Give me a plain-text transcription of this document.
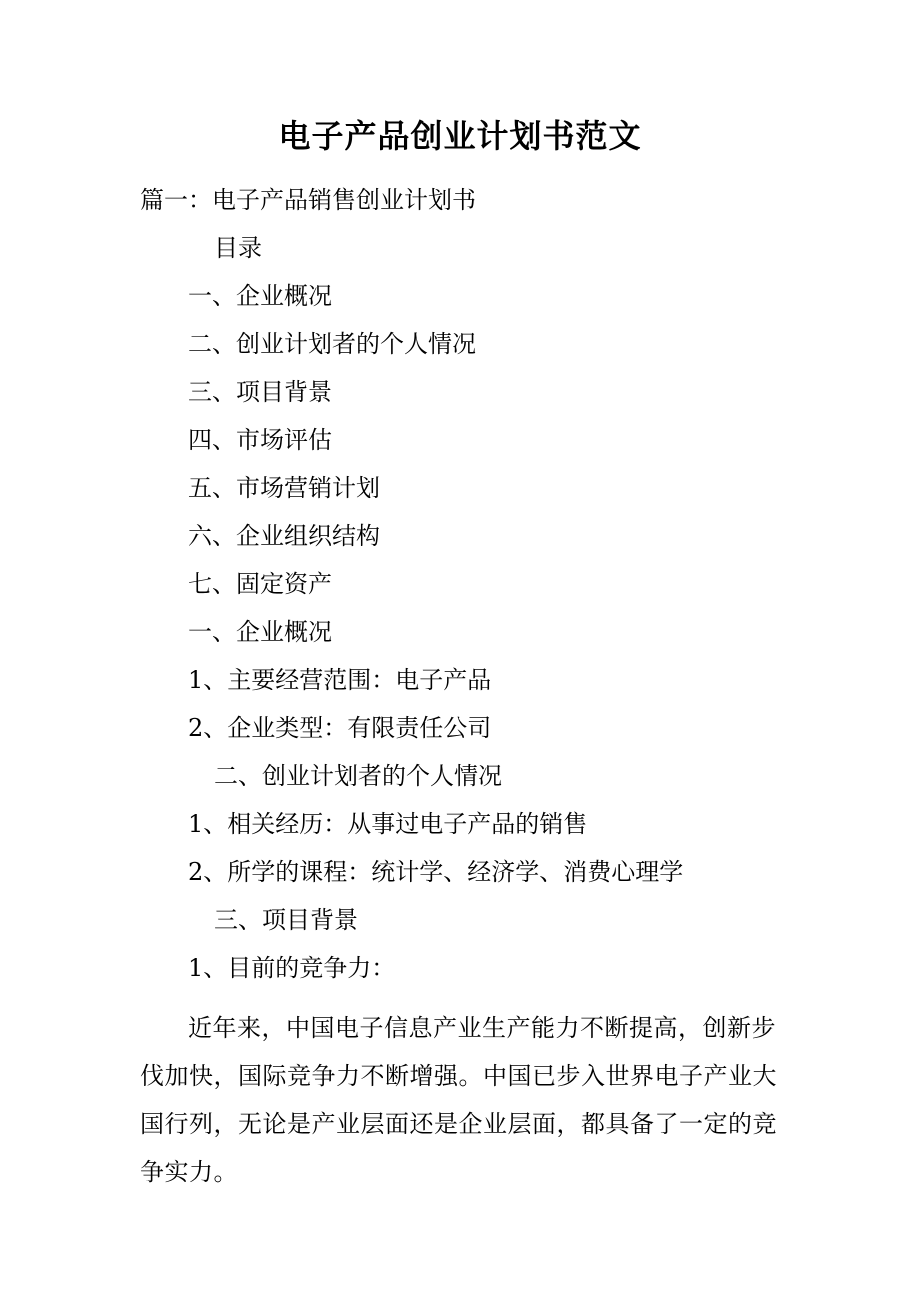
电子产品创业计划书范文
篇一：电子产品销售创业计划书
目录
一、企业概况
二、创业计划者的个人情况
三、项目背景
四、市场评估
五、市场营销计划
六、企业组织结构
七、固定资产
一、企业概况
1、主要经营范围：电子产品
2、企业类型：有限责任公司
二、创业计划者的个人情况
1、相关经历：从事过电子产品的销售
2、所学的课程：统计学、经济学、消费心理学
三、项目背景
1、目前的竞争力：
近年来，中国电子信息产业生产能力不断提高，创新步伐加快，国际竞争力不断增强。中国已步入世界电子产业大国行列，无论是产业层面还是企业层面，都具备了一定的竞争实力。
